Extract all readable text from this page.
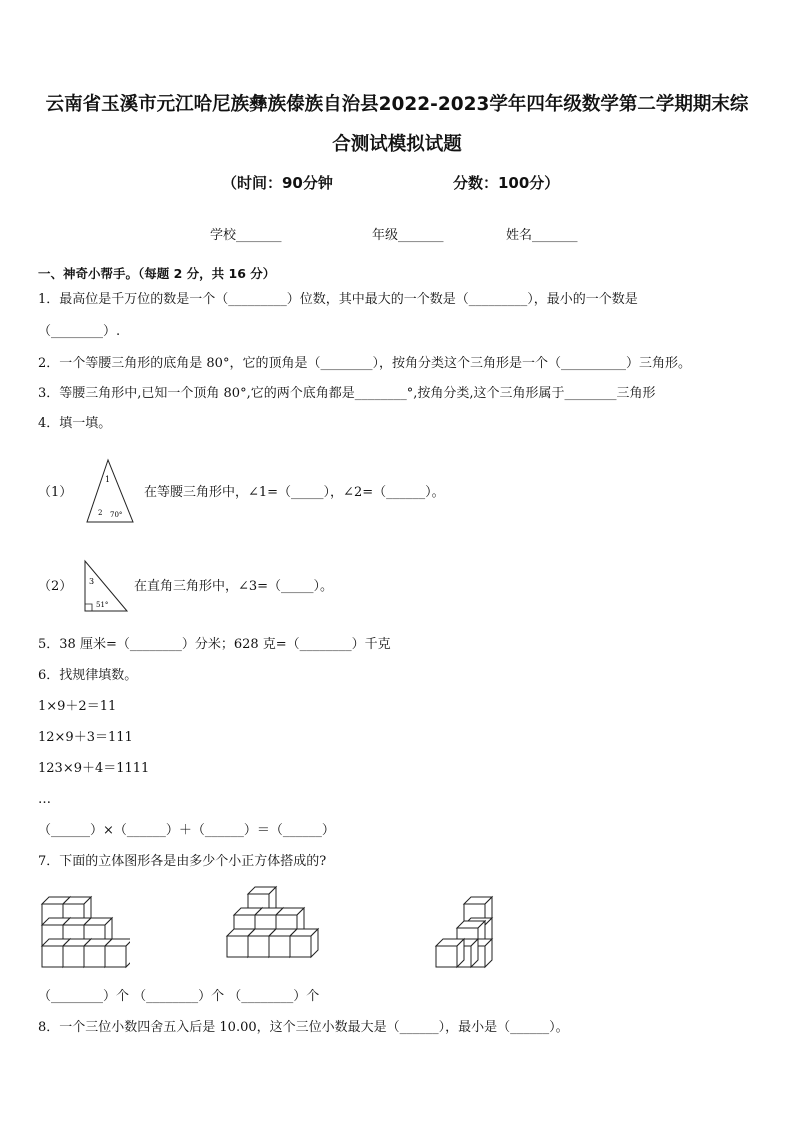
云南省玉溪市元江哈尼族彝族傣族自治县2022-2023学年四年级数学第二学期期末综
合测试模拟试题
（时间：90分钟	分数：100分）
学校_______	年级_______	姓名_______
一、神奇小帮手。（每题 2 分，共 16 分）
1．最高位是千万位的数是一个（_________）位数，其中最大的一个数是（_________），最小的一个数是
（________）.
2．一个等腰三角形的底角是 80°，它的顶角是（________），按角分类这个三角形是一个（__________）三角形。
3．等腰三角形中,已知一个顶角 80°,它的两个底角都是________°,按角分类,这个三角形属于________三角形
4．填一填。
（1）
1
2 70°
在等腰三角形中，∠1=（_____），∠2=（______）。
（2） 3
51°
在直角三角形中，∠3=（_____）。
5．38 厘米=（________）分米；628 克=（________）千克
6．找规律填数。
1×9＋2＝11
12×9＋3＝111
123×9＋4＝1111
…
（______）×（______）＋（______）＝（______）
7．下面的立体图形各是由多少个小正方体搭成的?
（________）个 （________）个 （________）个
8．一个三位小数四舍五入后是 10.00，这个三位小数最大是（______），最小是（______）。
